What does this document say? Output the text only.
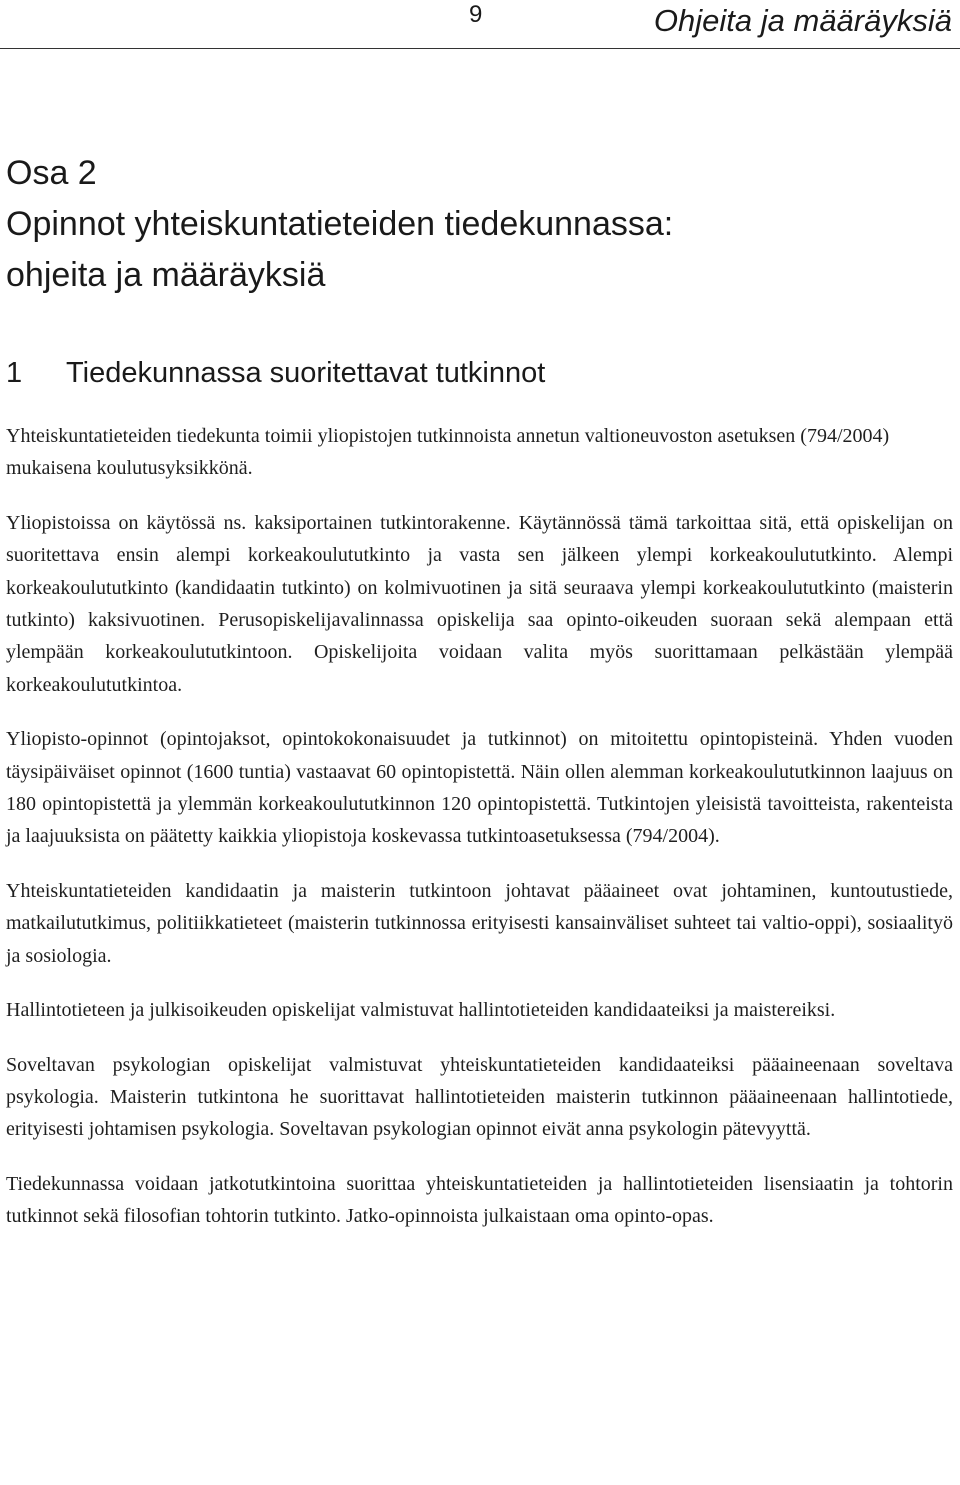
9	Ohjeita ja määräyksiä
Osa 2
Opinnot yhteiskuntatieteiden tiedekunnassa:
ohjeita ja määräyksiä
1 Tiedekunnassa suoritettavat tutkinnot

Yhteiskuntatieteiden tiedekunta toimii yliopistojen tutkinnoista annetun valtioneuvoston asetuksen (794/2004) mukaisena koulutusyksikkönä.

Yliopistoissa on käytössä ns. kaksiportainen tutkintorakenne. Käytännössä tämä tarkoittaa sitä, että opiskelijan on suoritettava ensin alempi korkeakoulututkinto ja vasta sen jälkeen ylempi korkeakoulututkinto. Alempi korkeakoulututkinto (kandidaatin tutkinto) on kolmivuotinen ja sitä seuraava ylempi korkeakoulututkinto (maisterin tutkinto) kaksivuotinen. Perusopiskelijavalinnassa opiskelija saa opinto-oikeuden suoraan sekä alempaan että ylempään korkeakoulututkintoon. Opiskelijoita voidaan valita myös suorittamaan pelkästään ylempää korkeakoulututkintoa.

Yliopisto-opinnot (opintojaksot, opintokokonaisuudet ja tutkinnot) on mitoitettu opintopisteinä. Yhden vuoden täysipäiväiset opinnot (1600 tuntia) vastaavat 60 opintopistettä. Näin ollen alemman korkeakoulututkinnon laajuus on 180 opintopistettä ja ylemmän korkeakoulututkinnon 120 opintopistettä. Tutkintojen yleisistä tavoitteista, rakenteista ja laajuuksista on päätetty kaikkia yliopistoja koskevassa tutkintoasetuksessa (794/2004).

Yhteiskuntatieteiden kandidaatin ja maisterin tutkintoon johtavat pääaineet ovat johtaminen, kuntoutustiede, matkailututkimus, politiikkatieteet (maisterin tutkinnossa erityisesti kansainväliset suhteet tai valtio-oppi), sosiaalityö ja sosiologia.

Hallintotieteen ja julkisoikeuden opiskelijat valmistuvat hallintotieteiden kandidaateiksi ja maistereiksi.

Soveltavan psykologian opiskelijat valmistuvat yhteiskuntatieteiden kandidaateiksi pääaineenaan soveltava psykologia. Maisterin tutkintona he suorittavat hallintotieteiden maisterin tutkinnon pääaineenaan hallintotiede, erityisesti johtamisen psykologia. Soveltavan psykologian opinnot eivät anna psykologin pätevyyttä.

Tiedekunnassa voidaan jatkotutkintoina suorittaa yhteiskuntatieteiden ja hallintotieteiden lisensiaatin ja tohtorin tutkinnot sekä filosofian tohtorin tutkinto. Jatko-opinnoista julkaistaan oma opinto-opas.
